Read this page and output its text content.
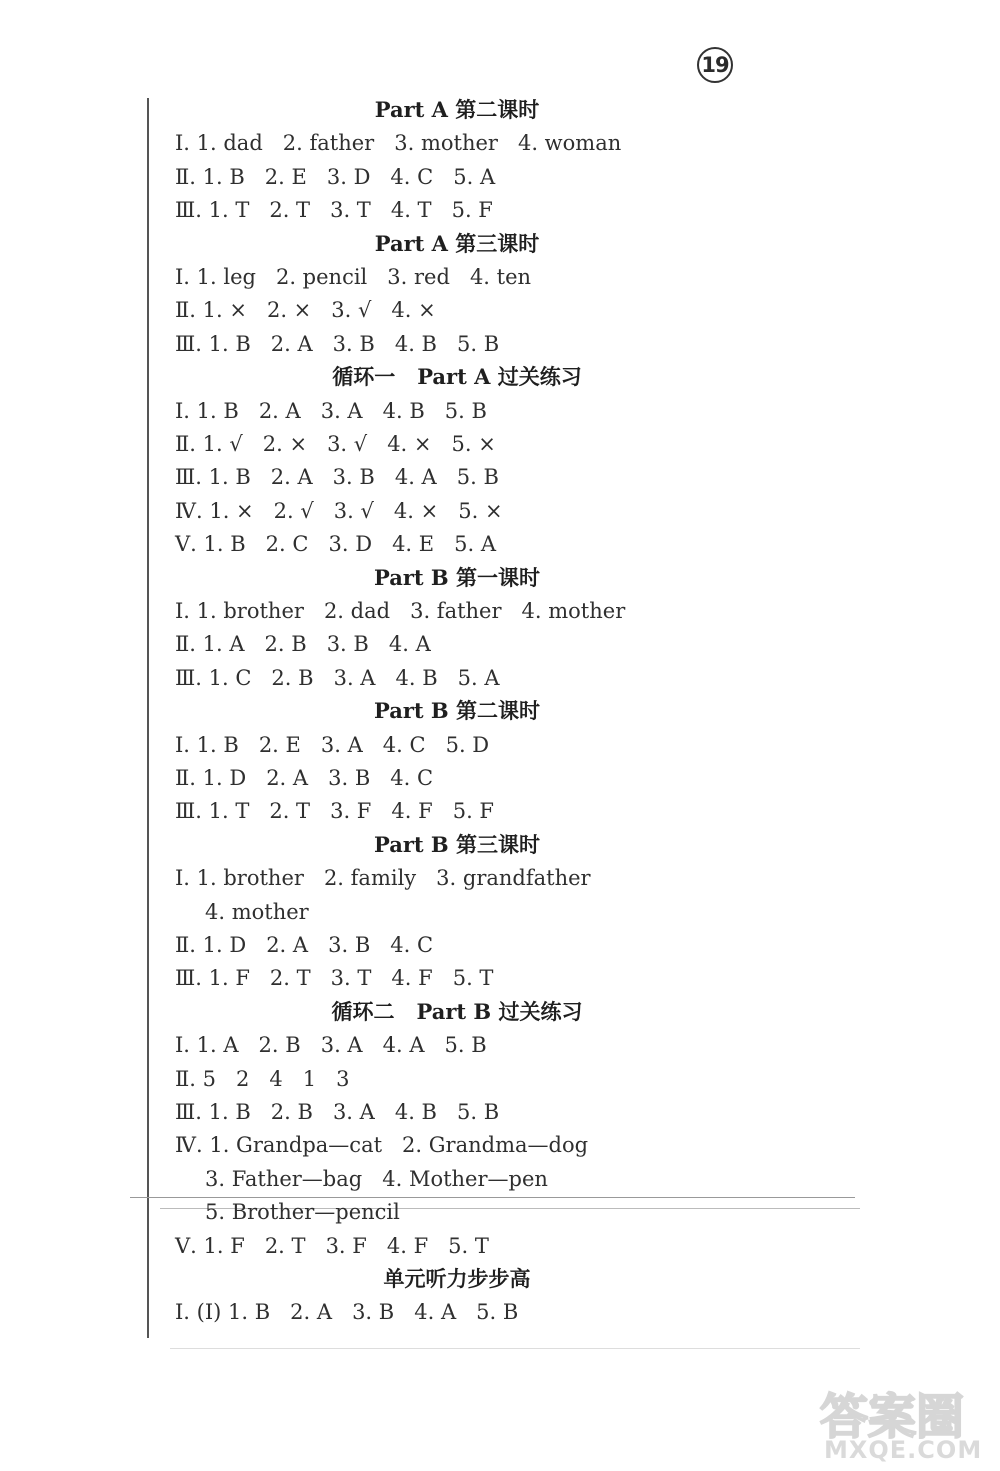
19
Part A 第二课时
Ⅰ. 1. dad   2. father   3. mother   4. woman
Ⅱ. 1. B   2. E   3. D   4. C   5. A
Ⅲ. 1. T   2. T   3. T   4. T   5. F
Part A 第三课时
Ⅰ. 1. leg   2. pencil   3. red   4. ten
Ⅱ. 1. ×   2. ×   3. √   4. ×
Ⅲ. 1. B   2. A   3. B   4. B   5. B
循环一   Part A 过关练习
Ⅰ. 1. B   2. A   3. A   4. B   5. B
Ⅱ. 1. √   2. ×   3. √   4. ×   5. ×
Ⅲ. 1. B   2. A   3. B   4. A   5. B
Ⅳ. 1. ×   2. √   3. √   4. ×   5. ×
Ⅴ. 1. B   2. C   3. D   4. E   5. A
Part B 第一课时
Ⅰ. 1. brother   2. dad   3. father   4. mother
Ⅱ. 1. A   2. B   3. B   4. A
Ⅲ. 1. C   2. B   3. A   4. B   5. A
Part B 第二课时
Ⅰ. 1. B   2. E   3. A   4. C   5. D
Ⅱ. 1. D   2. A   3. B   4. C
Ⅲ. 1. T   2. T   3. F   4. F   5. F
Part B 第三课时
Ⅰ. 1. brother   2. family   3. grandfather
4. mother
Ⅱ. 1. D   2. A   3. B   4. C
Ⅲ. 1. F   2. T   3. T   4. F   5. T
循环二   Part B 过关练习
Ⅰ. 1. A   2. B   3. A   4. A   5. B
Ⅱ. 5   2   4   1   3
Ⅲ. 1. B   2. B   3. A   4. B   5. B
Ⅳ. 1. Grandpa—cat   2. Grandma—dog
3. Father—bag   4. Mother—pen
5. Brother—pencil
Ⅴ. 1. F   2. T   3. F   4. F   5. T
单元听力步步高
Ⅰ. (Ⅰ) 1. B   2. A   3. B   4. A   5. B
答案圈
MXQE.COM
